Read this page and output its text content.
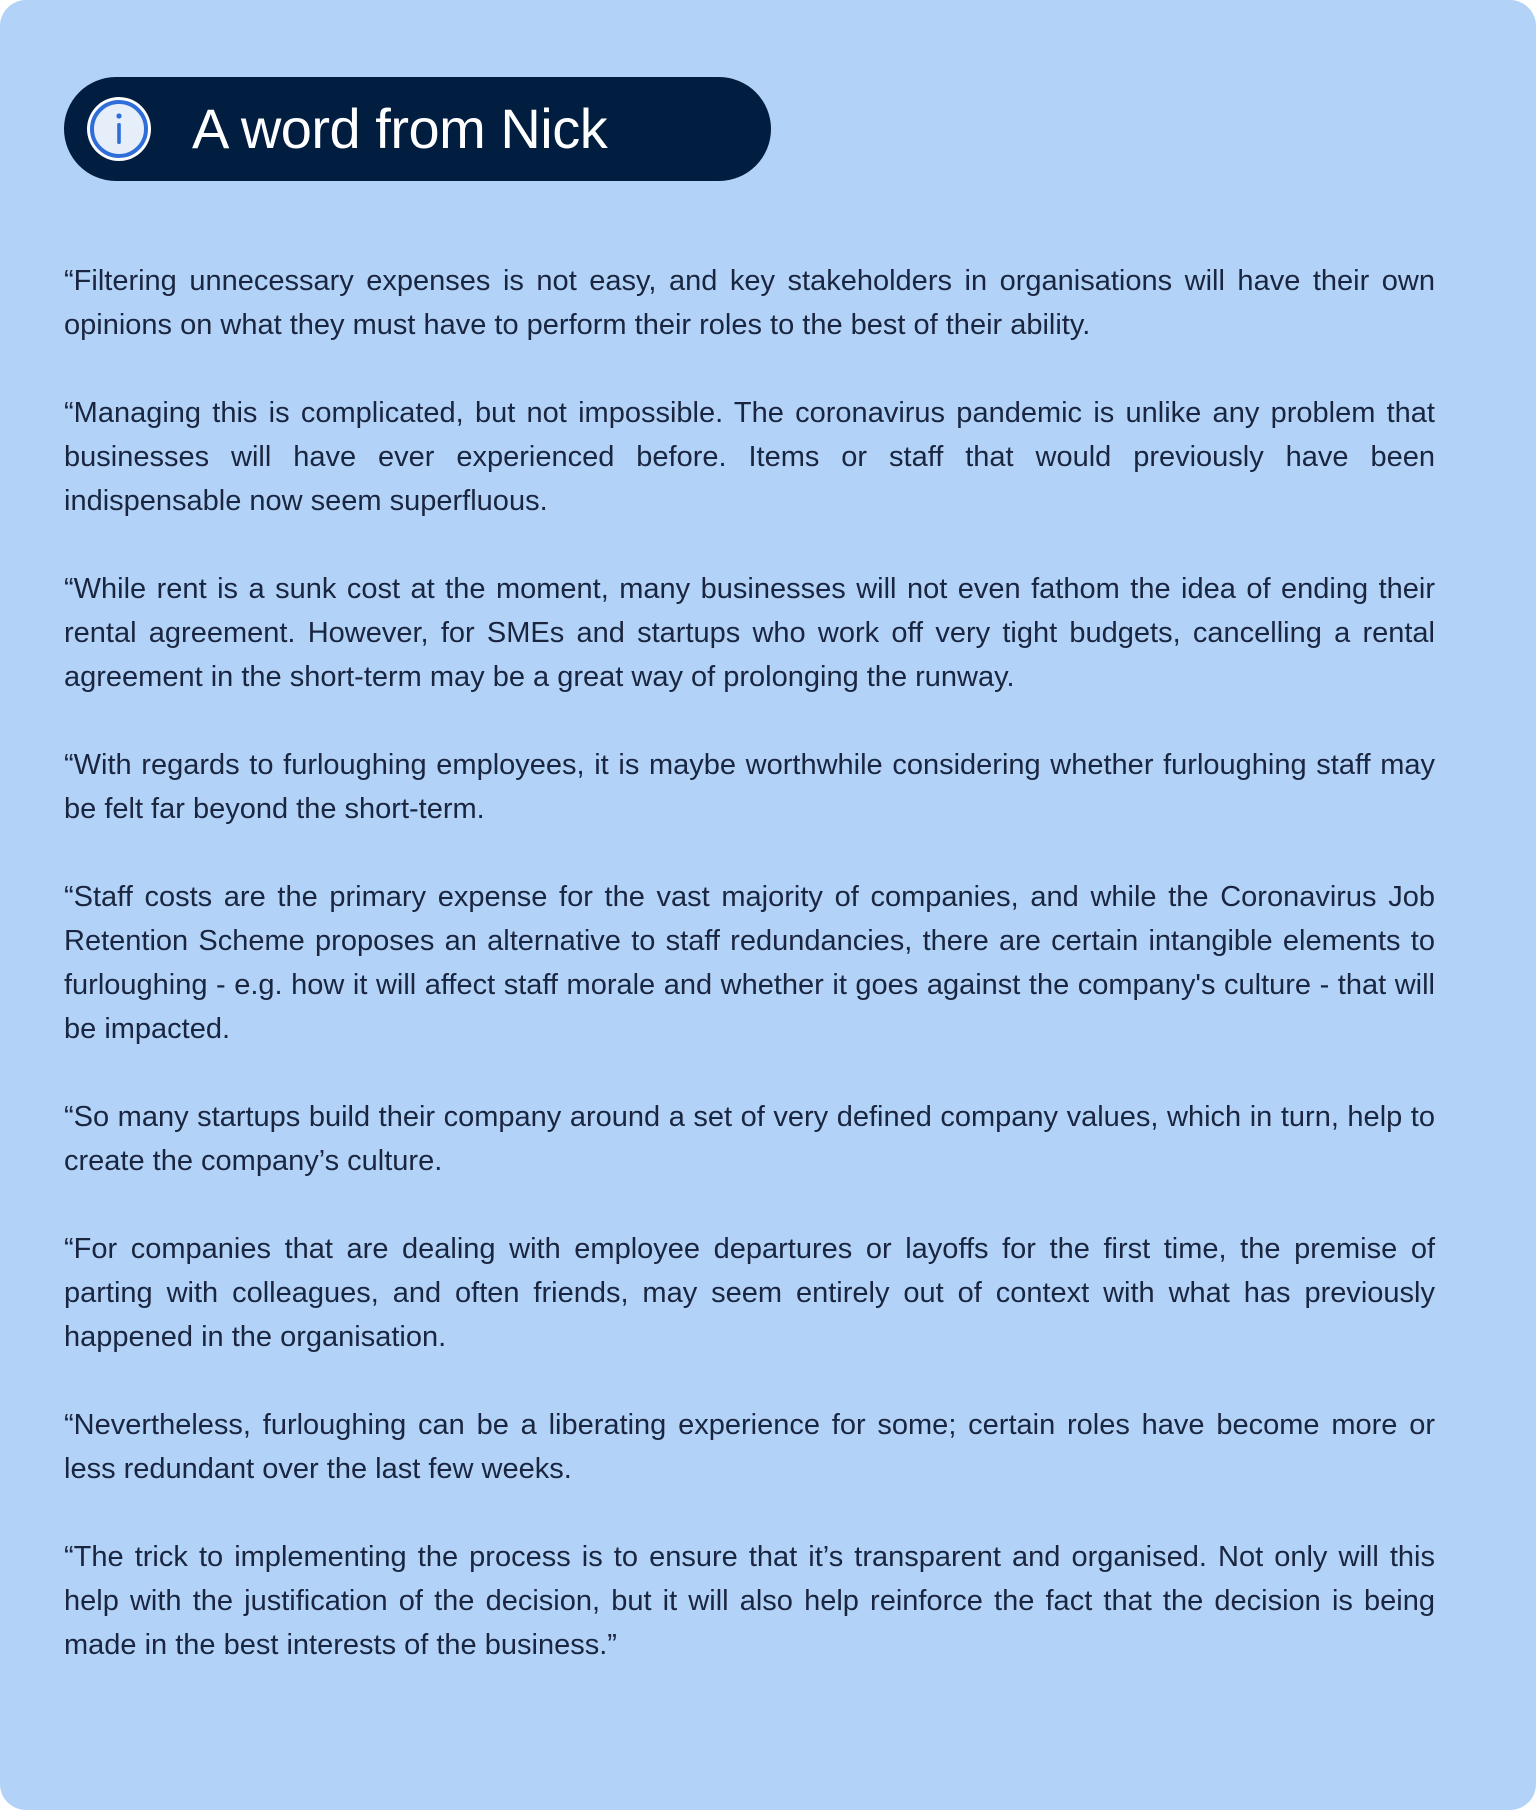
A word from Nick

“Filtering unnecessary expenses is not easy, and key stakeholders in organisations will have their own opinions on what they must have to perform their roles to the best of their ability.

“Managing this is complicated, but not impossible. The coronavirus pandemic is unlike any problem that businesses will have ever experienced before. Items or staff that would previously have been indispensable now seem superfluous.

“While rent is a sunk cost at the moment, many businesses will not even fathom the idea of ending their rental agreement. However, for SMEs and startups who work off very tight budgets, cancelling a rental agreement in the short-term may be a great way of prolonging the runway.

“With regards to furloughing employees, it is maybe worthwhile considering whether furloughing staff may be felt far beyond the short-term.

“Staff costs are the primary expense for the vast majority of companies, and while the Coronavirus Job Retention Scheme proposes an alternative to staff redundancies, there are certain intangible elements to furloughing - e.g. how it will affect staff morale and whether it goes against the company's culture - that will be impacted.

“So many startups build their company around a set of very defined company values, which in turn, help to create the company’s culture.

“For companies that are dealing with employee departures or layoffs for the first time, the premise of parting with colleagues, and often friends, may seem entirely out of context with what has previously happened in the organisation.

“Nevertheless, furloughing can be a liberating experience for some; certain roles have become more or less redundant over the last few weeks.

“The trick to implementing the process is to ensure that it’s transparent and organised. Not only will this help with the justification of the decision, but it will also help reinforce the fact that the decision is being made in the best interests of the business.”
